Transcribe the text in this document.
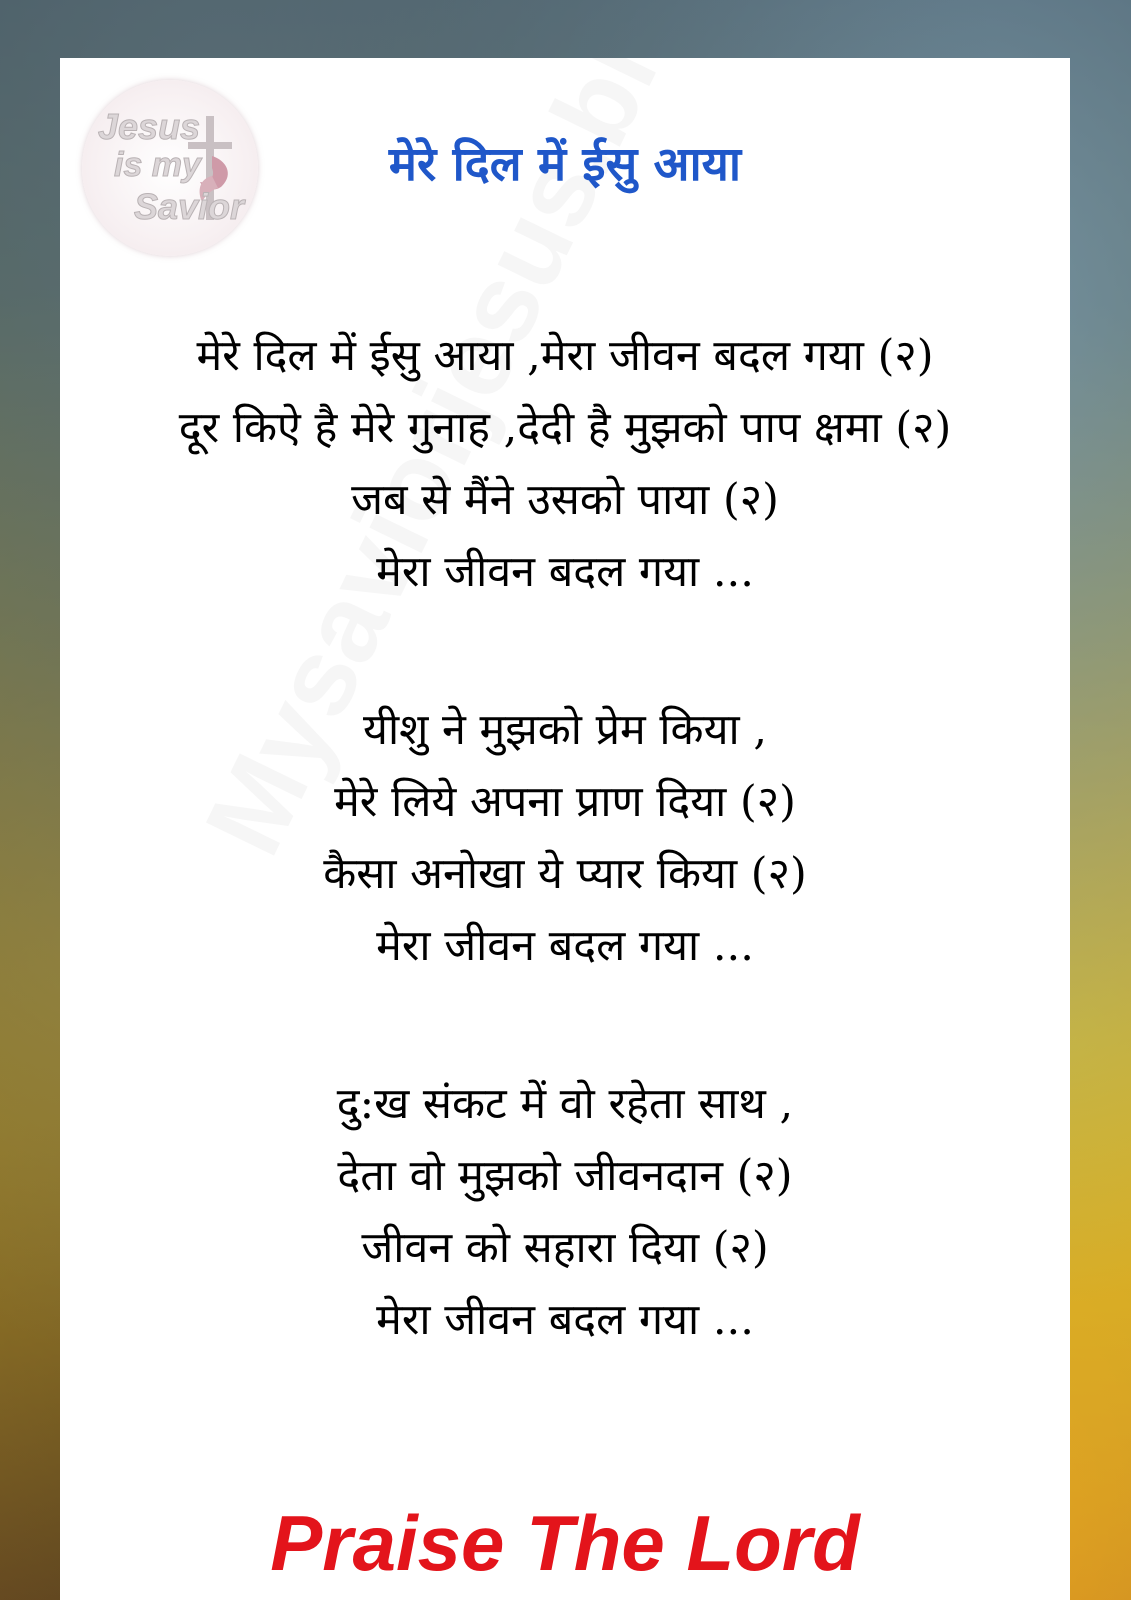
Jesus
is my
Savior
मेरे दिल में ईसु आया
मेरे दिल में ईसु आया ,मेरा जीवन बदल गया (२)
दूर किऐ है मेरे गुनाह ,देदी है मुझको पाप क्षमा (२)
जब से मैंने उसको पाया (२)
मेरा जीवन बदल गया ...
यीशु ने मुझको प्रेम किया ,
मेरे लिये अपना प्राण दिया (२)
कैसा अनोखा ये प्यार किया (२)
मेरा जीवन बदल गया ...
दु:ख संकट में वो रहेता साथ ,
देता वो मुझको जीवनदान (२)
जीवन को सहारा दिया (२)
मेरा जीवन बदल गया ...
Praise The Lord
